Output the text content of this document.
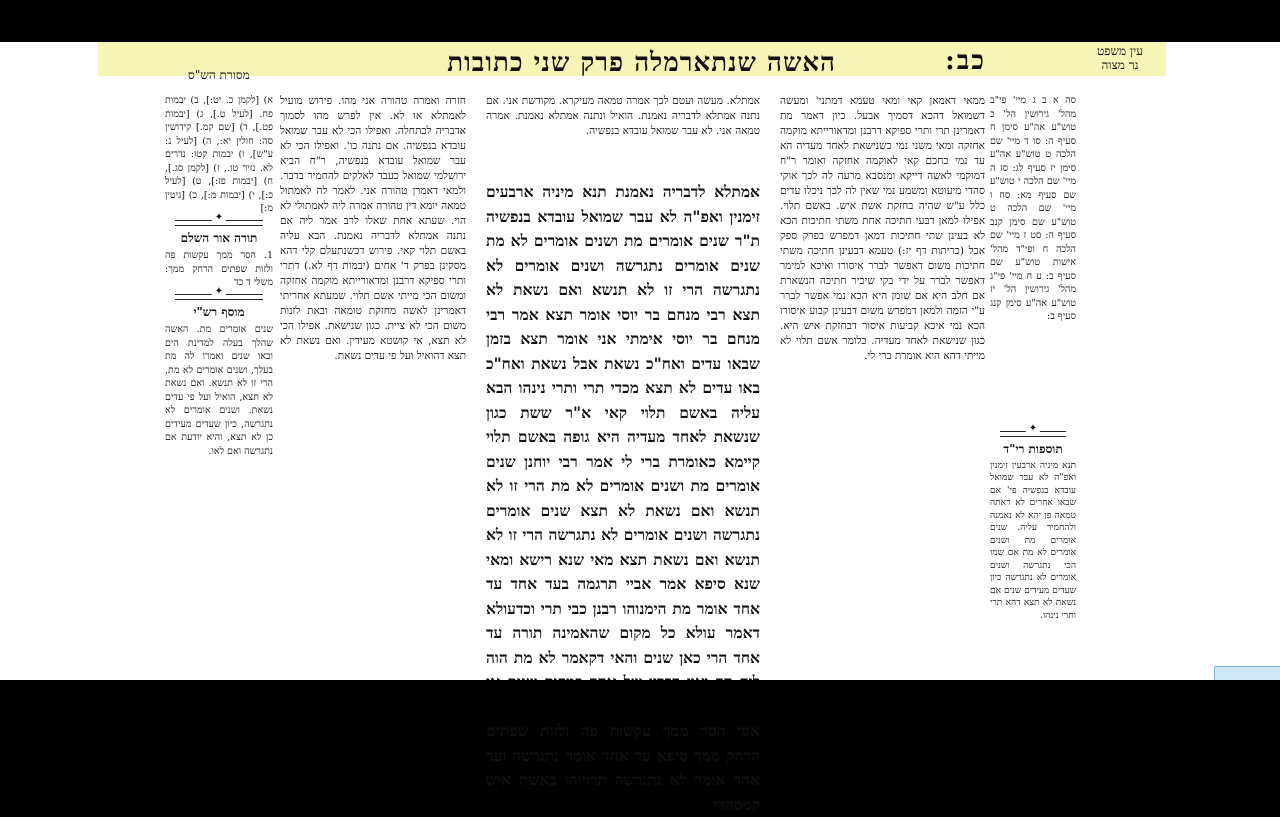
עין משפט
נר מצוה
כב:
האשה שנתארמלה פרק שני כתובות
מסורת הש"ס

א) [לקמן כ. יט:], ב) יבמות פח. [לעיל ט.], ג) [יבמות פט.], ד) [שם קמ.] קידושין סה: חולין יא:, ה) [לעיל נ: ע"ש], ו) יבמות קטו: נדרים לא. נזיר טו., ז) [לקמן סג.], ח) [יבמות פז:], ט) [לעיל כ:], י) [יבמות מ:], כ) [גיטין מ:]

✦
תורה אור השלם

1. הסר ממך עקשות פה ולזות שפתים הרחק ממך: משלי ד כד

✦
מוסף רש"י

שנים אומרים מת. האשה שהלך בעלה למדינת הים ובאו שנים ואמרו לה מת בעלך, ושנים אומרים לא מת, הרי זו לא תנשא. ואם נשאת לא תצא, הואיל ועל פי עדים נשאת. ושנים אומרים לא נתגרשה, כיון שעדים מעידים כן לא תצא, והיא יודעת אם נתגרשה ואם לאו.

חזרה ואמרה טהורה אני מהו. פירוש מועיל לאמתלא או לא. אין לפרש מהו לסמוך אדבריה לכתחלה. ואפילו הכי לא עבר שמואל עובדא בנפשיה. אם נתנה כו'. ואפילו הכי לא עבר שמואל עובדא בנפשיה, ר"ח הביא ירושלמי שמואל כעבד לאלקים להחמיר בדבר. ולמאי דאמרן טהורה אני. לאמר לה לאמתול טמאה יומא דין טהורה אמרה ליה לאמתולי לא הוי. שעתא אחת שאלו לרב אמר ליה אם נתנה אמתלא לדבריה נאמנת. הבא עליה באשם תלוי קאי. פירוש דכשנתעלם קלי דהא מסקינן בפרק ד' אחים (יבמות דף לא.) דתרי ותרי ספיקא דרבנן ומדאורייתא מוקמה אחזקה ומשום הכי מייתי אשם תלוי. שמעתא אחריתי דאמרינן לאשה מחזקת טומאה ובאת לזנות משום הכי לא ציית. כגון שנישאת. אפילו הכי לא תצא, אי קושטא מעידין. ואם נשאת לא תצא דהואיל ועל פי עדים נשאת.

אמתלא. מעשה ועטם לכך אמרה טמאה מעיקרא. מקודשת אני. אם נתנה אמתלא לדבריה נאמנת. הואיל ונתנה אמתלא נאמנת. אמרה טמאה אני. לא עבר שמואל עובדא בנפשיה.

אמתלא לדבריה נאמנת תנא מיניה ארבעים זימנין ואפ"ה לא עבר שמואל עובדא בנפשיה ת"ר שנים אומרים מת ושנים אומרים לא מת שנים אומרים נתגרשה ושנים אומרים לא נתגרשה הרי זו לא תנשא ואם נשאת לא תצא רבי מנחם בר יוסי אומר תצא אמר רבי מנחם בר יוסי אימתי אני אומר תצא בזמן שבאו עדים ואח"כ נשאת אבל נשאת ואח"כ באו עדים לא תצא מכדי תרי ותרי נינהו הבא עליה באשם תלוי קאי א"ר ששת כגון שנשאת לאחד מעדיה היא גופה באשם תלוי קיימא כאומרת ברי לי אמר רבי יוחנן שנים אומרים מת ושנים אומרים לא מת הרי זו לא תנשא ואם נשאת לא תצא שנים אומרים נתגרשה ושנים אומרים לא נתגרשה הרי זו לא תנשא ואם נשאת תצא מאי שנא רישא ומאי שנא סיפא אמר אביי תרגמה בעד אחד עד אחד אומר מת הימנוהו רבנן כבי תרי וכדעולא דאמר עולא כל מקום שהאמינה תורה עד אחד הרי כאן שנים והאי דקאמר לא מת הוה אסי הסר ממך עקשות פה ולזות שפתים הרחק ממך סיפא עד אחד אומר נתגרשה ועד אחד אומר לא נתגרשה תרוייהו באשת איש קמסהדי

ממאי דאמאן קאי ומאי טעמא דמתני' ומעשה דשמואל דהכא דסמיך אבעל. כיון דאמר מת דאמרינן תרי ותרי ספיקא דרבנן ומדאורייתא מוקמה אחזקה ומאי משני נמי כשנישאת לאחד מעדיה הא עד נמי כחכם קאי לאוקמה אחזקה ואומר ר"ח דמוקמי לאשה דייקא ומנסבא מרעה לה לכך אוקי סהדי מיעוטא ומשמע נמי שאין לה לכך ניכלו עדים כלל ע"ש שהיה בחזקת אשת איש. באשם תלוי. אפילו למאן דבעי חתיכה אחת משתי חתיכות הכא לא בעינן שתי חתיכות דמאן דמפרש בפרק ספק אכל (כריתות דף יז:) טעמא דבעינן חתיכה משתי חתיכות משום דאפשר לברר איסורו ואיכא למימר דאפשר לברר על ידי בקי שיכיר חתיכה הנשארת אם חלב היא אם שומן היא הכא נמי אפשר לברר ע"י הזמה ולמאן דמפרש משום דבעינן קבוע איסורו הכא נמי איכא קביעות איסור דבחזקת איש היא. כגון שנישאת לאחד מעדיה. כלומר אשם תלוי לא מייתי דהא היא אומרת ברי לי.

סה א ב ג מיי' פי"ב מהל' גירושין הל' כ טוש"ע אה"ע סימן ח סעיף ה: סו ד מיי' שם הלכה ט טוש"ע אה"ע סימן יז סעיף לג: סז ה מיי' שם הלכה י טוש"ע שם סעיף מא: סח ו מיי' שם הלכה ט טוש"ע שם סימן קנב סעיף ה: סט ז מיי' שם הלכה ח ופי"ד מהל' אישות טוש"ע שם סעיף ב: ע ח מיי' פי"ג מהל' גירושין הל' יז טוש"ע אה"ע סימן קנג סעיף ב:

✦
תוספות רי"ד

תנא מיניה ארבעין זימנין ואפ"ה לא עבר שמואל עובדא בנפשיה פי' אם שבאו אחרים לא ראתה טמאה פן יהא לא נאמנה ולהחמיר עליה. שנים אומרים מת ושנים אומרים לא מת אם שמו הכי נתגרשה ושנים אומרים לא נתגרשה כיון שעדים מעידים שנים אם נשאת לא תצא דהא תרי ותרי נינהו.
